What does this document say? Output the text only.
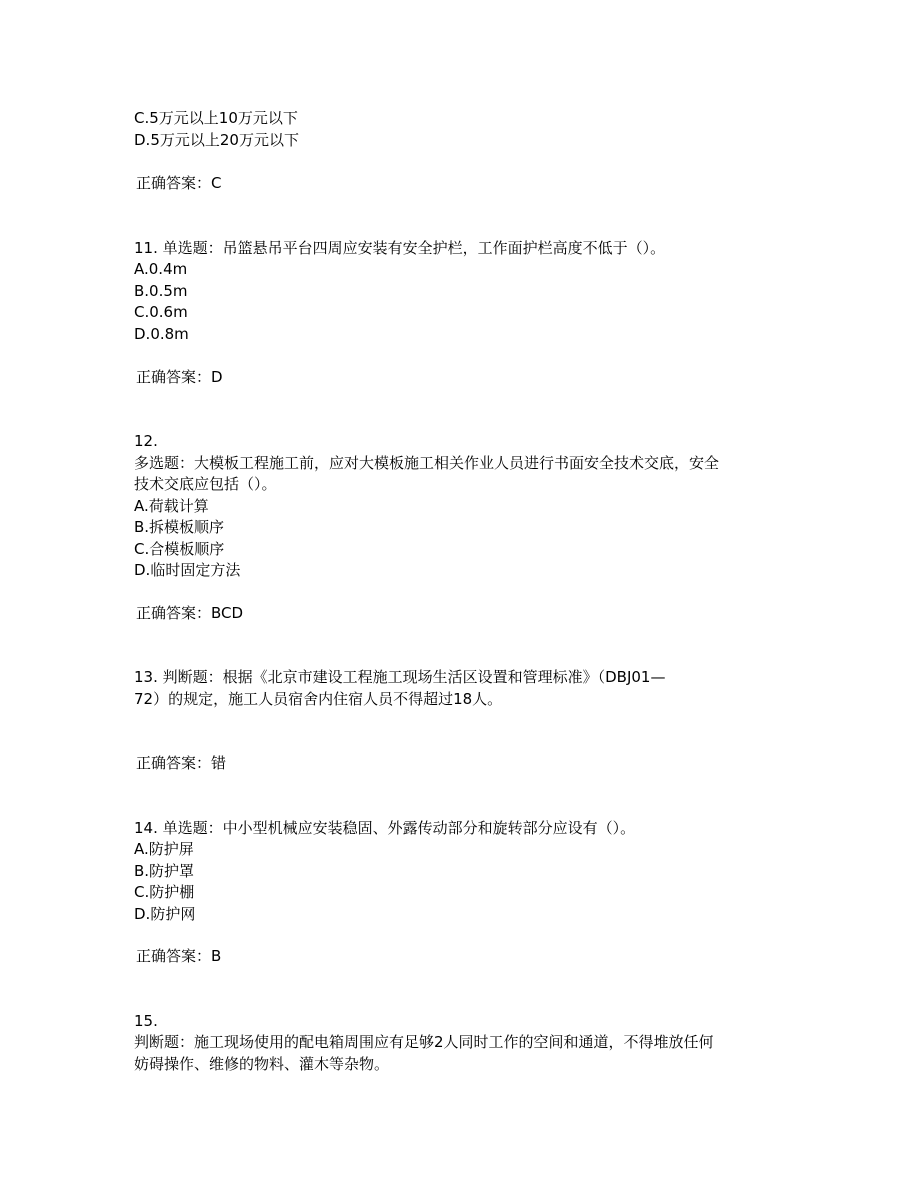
C.5万元以上10万元以下
D.5万元以上20万元以下
正确答案：C
11. 单选题：吊篮悬吊平台四周应安装有安全护栏，工作面护栏高度不低于（）。
A.0.4m
B.0.5m
C.0.6m
D.0.8m
正确答案：D
12.
多选题：大模板工程施工前，应对大模板施工相关作业人员进行书面安全技术交底，安全
技术交底应包括（）。
A.荷载计算
B.拆模板顺序
C.合模板顺序
D.临时固定方法
正确答案：BCD
13. 判断题：根据《北京市建设工程施工现场生活区设置和管理标准》（DBJ01—
72）的规定，施工人员宿舍内住宿人员不得超过18人。
正确答案：错
14. 单选题：中小型机械应安装稳固、外露传动部分和旋转部分应设有（）。
A.防护屏
B.防护罩
C.防护棚
D.防护网
正确答案：B
15.
判断题：施工现场使用的配电箱周围应有足够2人同时工作的空间和通道，不得堆放任何
妨碍操作、维修的物料、灌木等杂物。
